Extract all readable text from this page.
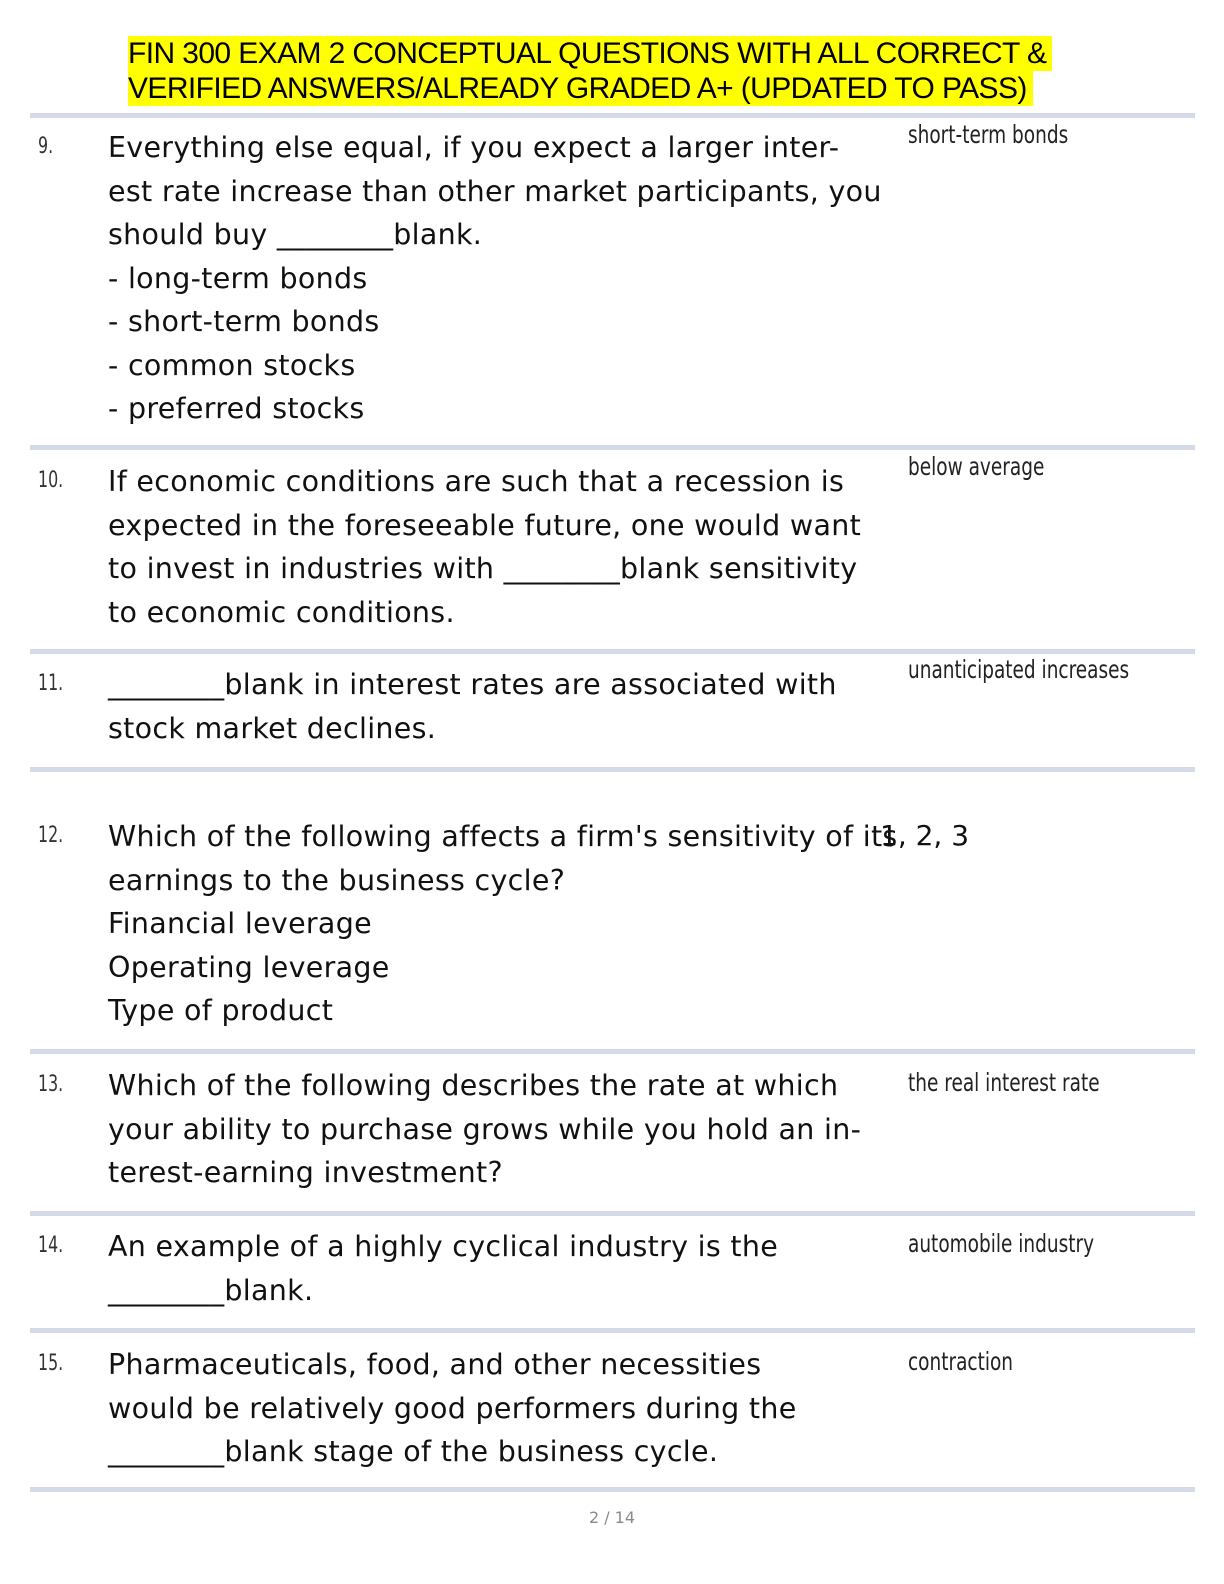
FIN 300 EXAM 2 CONCEPTUAL QUESTIONS WITH ALL CORRECT &
VERIFIED ANSWERS/ALREADY GRADED A+ (UPDATED TO PASS)
9. Everything else equal, if you expect a larger inter-
est rate increase than other market participants, you
should buy ________blank.
- long-term bonds
- short-term bonds
- common stocks
- preferred stocks
short-term bonds
10. If economic conditions are such that a recession is
expected in the foreseeable future, one would want
to invest in industries with ________blank sensitivity
to economic conditions.
below average
11. ________blank in interest rates are associated with
stock market declines.
unanticipated increases
12. Which of the following affects a firm's sensitivity of its
earnings to the business cycle?
Financial leverage
Operating leverage
Type of product
1, 2, 3
13. Which of the following describes the rate at which
your ability to purchase grows while you hold an in-
terest-earning investment?
the real interest rate
14. An example of a highly cyclical industry is the
________blank.
automobile industry
15. Pharmaceuticals, food, and other necessities
would be relatively good performers during the
________blank stage of the business cycle.
contraction
2 / 14
